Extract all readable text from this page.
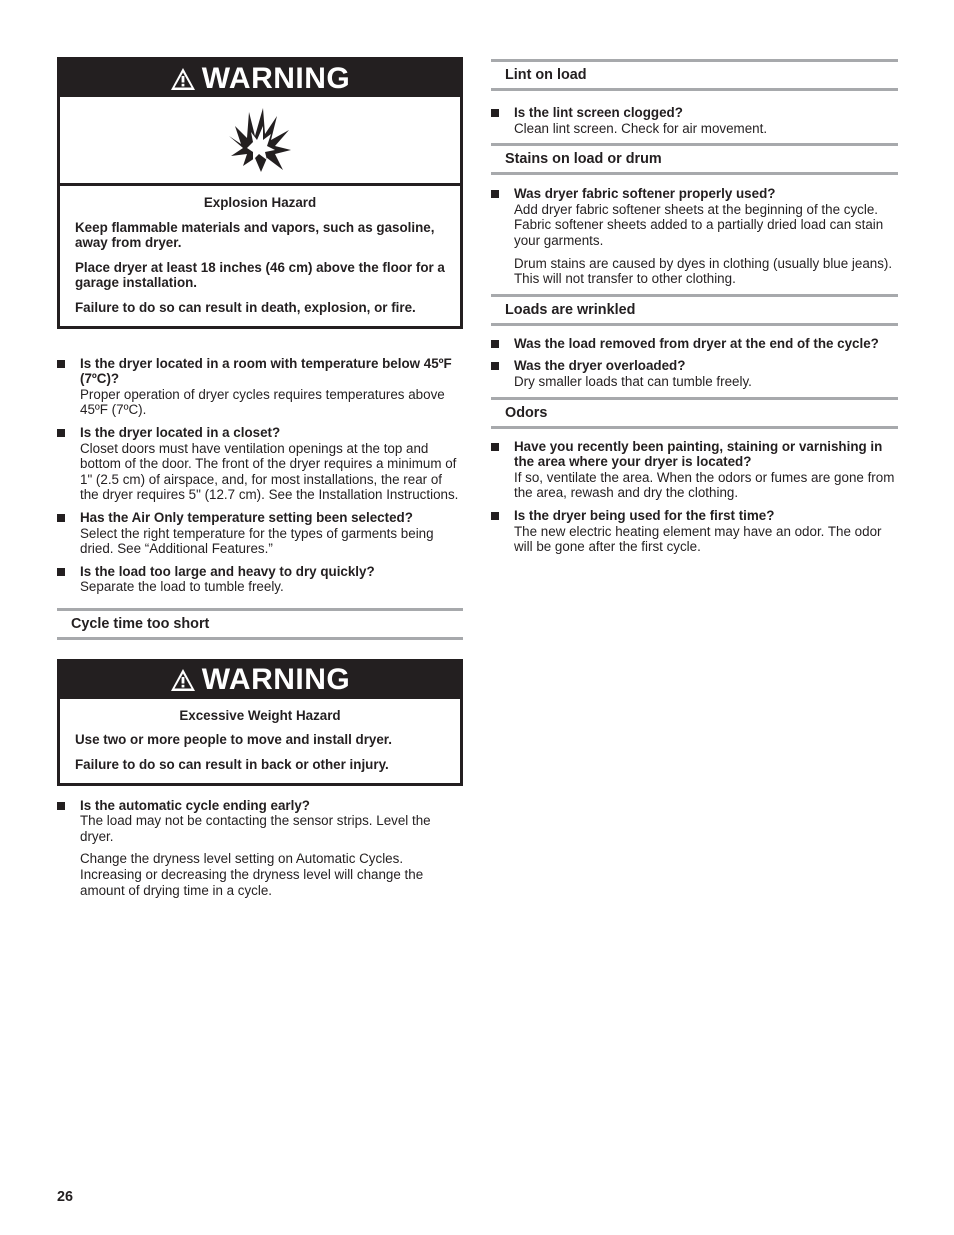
WARNING

Explosion Hazard

Keep flammable materials and vapors, such as gasoline, away from dryer.

Place dryer at least 18 inches (46 cm) above the floor for a garage installation.

Failure to do so can result in death, explosion, or fire.

Is the dryer located in a room with temperature below 45ºF (7ºC)?
Proper operation of dryer cycles requires temperatures above 45ºF (7ºC).
Is the dryer located in a closet?
Closet doors must have ventilation openings at the top and bottom of the door. The front of the dryer requires a minimum of 1" (2.5 cm) of airspace, and, for most installations, the rear of the dryer requires 5" (12.7 cm). See the Installation Instructions.
Has the Air Only temperature setting been selected?
Select the right temperature for the types of garments being dried. See “Additional Features.”
Is the load too large and heavy to dry quickly?
Separate the load to tumble freely.
Cycle time too short
WARNING

Excessive Weight Hazard

Use two or more people to move and install dryer.

Failure to do so can result in back or other injury.

Is the automatic cycle ending early?
The load may not be contacting the sensor strips. Level the dryer.
Change the dryness level setting on Automatic Cycles. Increasing or decreasing the dryness level will change the amount of drying time in a cycle.
Lint on load
Is the lint screen clogged?
Clean lint screen. Check for air movement.
Stains on load or drum
Was dryer fabric softener properly used?
Add dryer fabric softener sheets at the beginning of the cycle. Fabric softener sheets added to a partially dried load can stain your garments.
Drum stains are caused by dyes in clothing (usually blue jeans). This will not transfer to other clothing.
Loads are wrinkled
Was the load removed from dryer at the end of the cycle?
Was the dryer overloaded?
Dry smaller loads that can tumble freely.
Odors
Have you recently been painting, staining or varnishing in the area where your dryer is located?
If so, ventilate the area. When the odors or fumes are gone from the area, rewash and dry the clothing.
Is the dryer being used for the first time?
The new electric heating element may have an odor. The odor will be gone after the first cycle.
26
